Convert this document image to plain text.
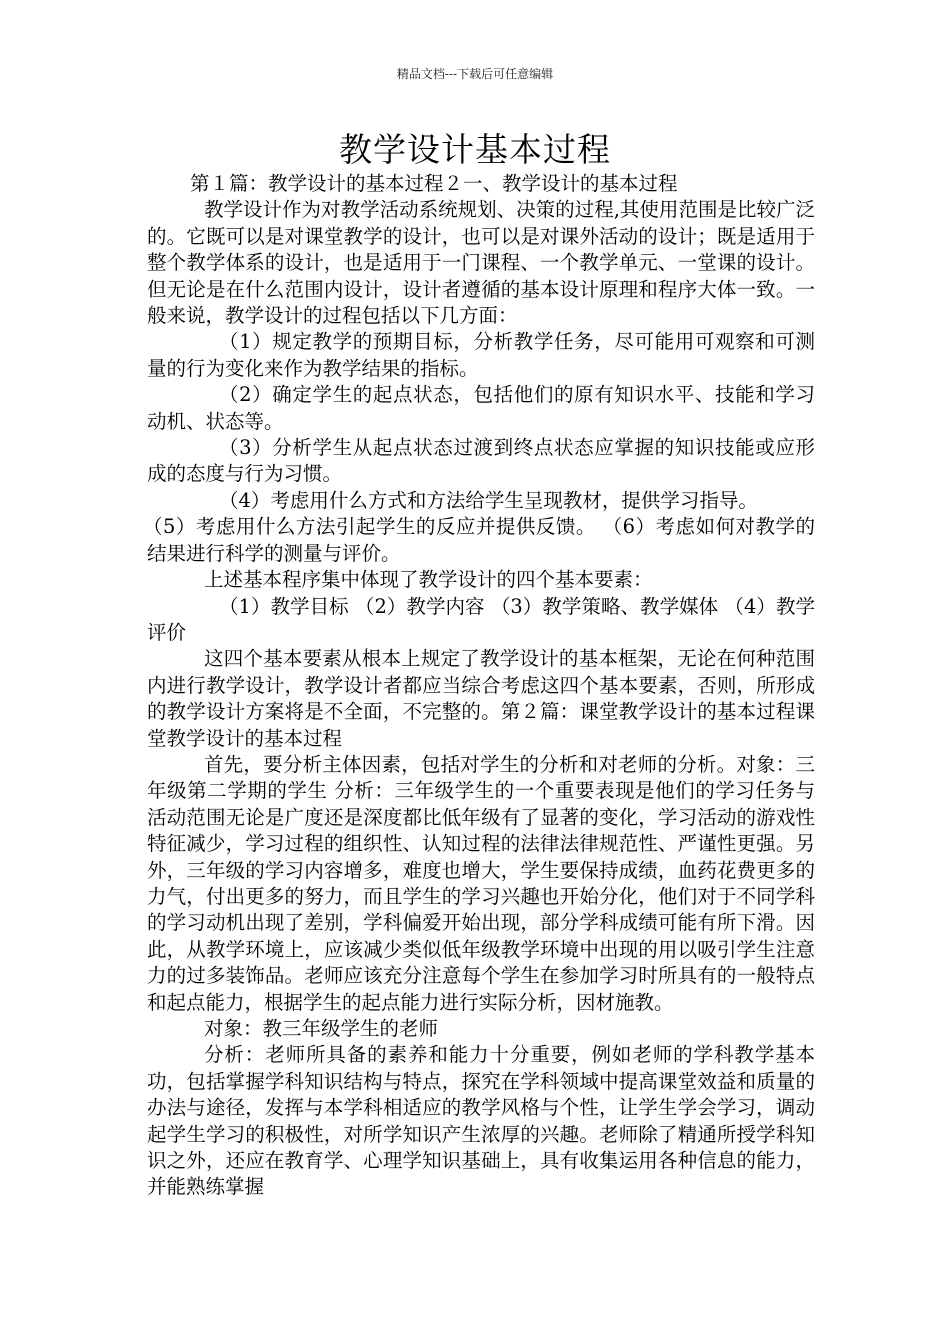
精品文档---下载后可任意编辑
教学设计基本过程

第１篇：教学设计的基本过程２一、教学设计的基本过程

教学设计作为对教学活动系统规划、决策的过程,其使用范围是比较广泛的。它既可以是对课堂教学的设计，也可以是对课外活动的设计；既是适用于整个教学体系的设计，也是适用于一门课程、一个教学单元、一堂课的设计。但无论是在什么范围内设计，设计者遵循的基本设计原理和程序大体一致。一般来说，教学设计的过程包括以下几方面：

（1）规定教学的预期目标，分析教学任务，尽可能用可观察和可测量的行为变化来作为教学结果的指标。

（2）确定学生的起点状态，包括他们的原有知识水平、技能和学习动机、状态等。

（3）分析学生从起点状态过渡到终点状态应掌握的知识技能或应形成的态度与行为习惯。

（4）考虑用什么方式和方法给学生呈现教材，提供学习指导。

（5）考虑用什么方法引起学生的反应并提供反馈。 （6）考虑如何对教学的结果进行科学的测量与评价。

上述基本程序集中体现了教学设计的四个基本要素：

（1）教学目标 （2）教学内容 （3）教学策略、教学媒体 （4）教学评价

这四个基本要素从根本上规定了教学设计的基本框架，无论在何种范围内进行教学设计，教学设计者都应当综合考虑这四个基本要素，否则，所形成的教学设计方案将是不全面，不完整的。第２篇：课堂教学设计的基本过程课堂教学设计的基本过程

首先，要分析主体因素，包括对学生的分析和对老师的分析。对象：三年级第二学期的学生 分析：三年级学生的一个重要表现是他们的学习任务与活动范围无论是广度还是深度都比低年级有了显著的变化，学习活动的游戏性特征减少，学习过程的组织性、认知过程的法律法律规范性、严谨性更强。另外，三年级的学习内容增多，难度也增大，学生要保持成绩，血药花费更多的力气，付出更多的努力，而且学生的学习兴趣也开始分化，他们对于不同学科的学习动机出现了差别，学科偏爱开始出现，部分学科成绩可能有所下滑。因此，从教学环境上，应该减少类似低年级教学环境中出现的用以吸引学生注意力的过多装饰品。老师应该充分注意每个学生在参加学习时所具有的一般特点和起点能力，根据学生的起点能力进行实际分析，因材施教。

对象：教三年级学生的老师

分析：老师所具备的素养和能力十分重要，例如老师的学科教学基本功，包括掌握学科知识结构与特点，探究在学科领域中提高课堂效益和质量的办法与途径，发挥与本学科相适应的教学风格与个性，让学生学会学习，调动起学生学习的积极性，对所学知识产生浓厚的兴趣。老师除了精通所授学科知识之外，还应在教育学、心理学知识基础上，具有收集运用各种信息的能力，并能熟练掌握
